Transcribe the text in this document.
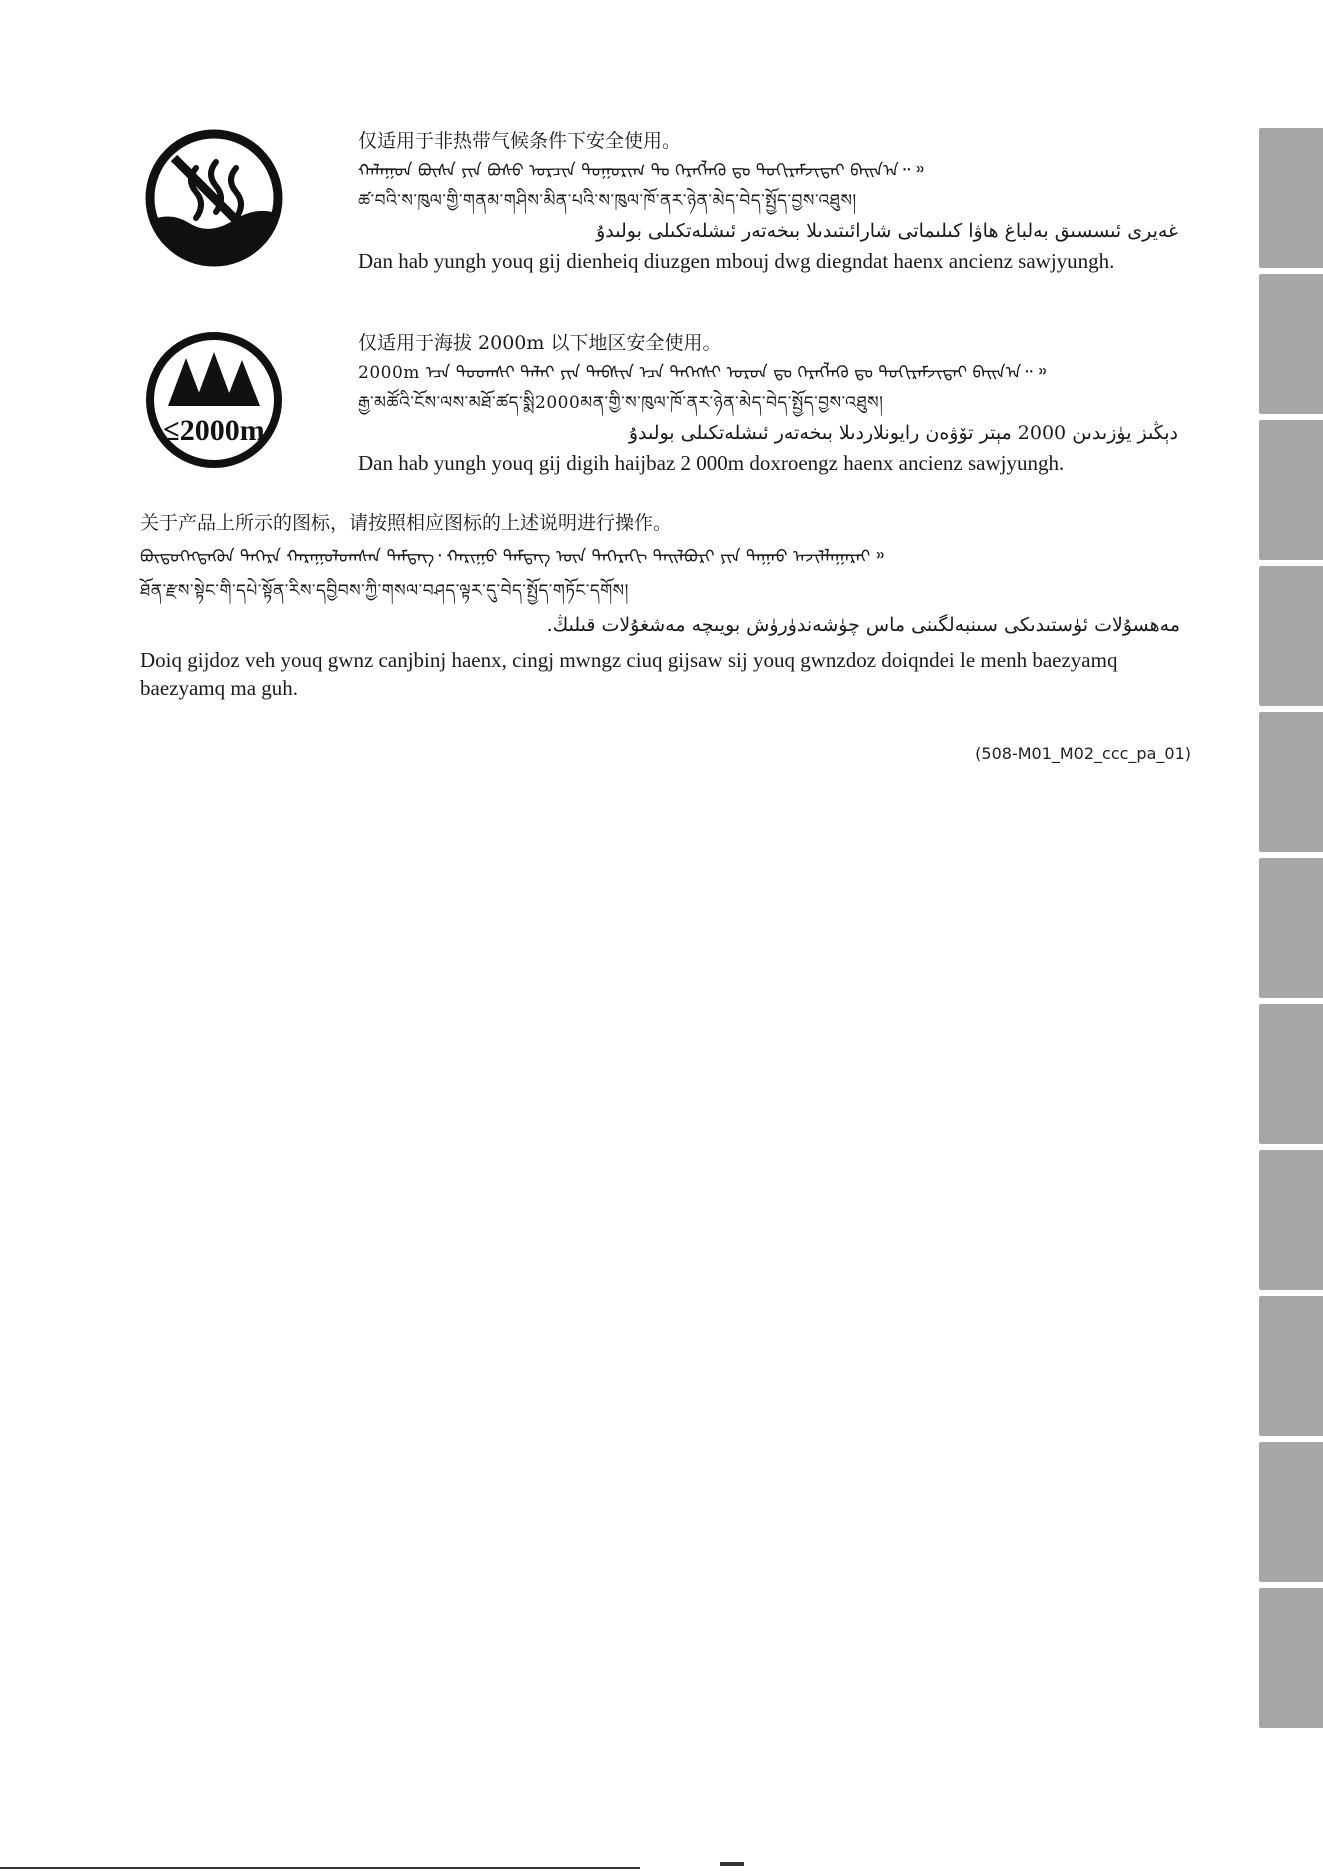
仅适用于非热带气候条件下安全使用。
ᠬᠠᠯᠠᠭᠤᠨ ᠪᠦᠰᠡ ᠶᠢᠨ ᠪᠤᠰᠤ ᠤᠷᠴᠢᠨ ᠲᠣᠭᠣᠷᠢᠭ ᠲᠤ ᠬᠡᠷᠡᠭᠯᠡᠬᠦ ᠳᠤ ᠲᠣᠬᠢᠷᠠᠮᠵᠢᠲᠠᠢ ᠪᠠᠢᠨ᠎ᠠ᠃ ᠉
ཚ་བའི་ས་ཁུལ་གྱི་གནམ་གཤིས་མིན་པའི་ས་ཁུལ་ཁོ་ནར་ཉེན་མེད་བེད་སྤྱོད་བྱས་འཐུས།
غەيرى ئىسسىق بەلباغ ھاۋا كىلىماتى شارائىتىدىلا بىخەتەر ئىشلەتكىلى بولىدۇ
Dan hab yungh youq gij dienheiq diuzgen mbouj dwg diegndat haenx ancienz sawjyungh.
≤2000m
仅适用于海拔 2000m 以下地区安全使用。
2000m ᠡᠴᠡ ᠳᠣᠣᠭᠰᠢ ᠳᠠᠯᠠᠢ ᠶᠢᠨ ᠲᠡᠪᠰᠢᠨ ᠡᠴᠡ ᠳᠡᠭᠡᠭᠰᠢ ᠣᠷᠣᠨ ᠳᠤ ᠬᠡᠷᠡᠭᠯᠡᠬᠦ ᠳᠤ ᠲᠣᠬᠢᠷᠠᠮᠵᠢᠲᠠᠢ ᠪᠠᠢᠨ᠎ᠠ᠃ ᠉
རྒྱ་མཚོའི་ངོས་ལས་མཐོ་ཚད་སྨི2000མན་གྱི་ས་ཁུལ་ཁོ་ནར་ཉེན་མེད་བེད་སྤྱོད་བྱས་འཐུས།
دېڭىز يۈزىدىن 2000 مېتر تۆۋەن رايونلاردىلا بىخەتەر ئىشلەتكىلى بولىدۇ
Dan hab yungh youq gij digih haijbaz 2 000m doxroengz haenx ancienz sawjyungh.
关于产品上所示的图标，请按照相应图标的上述说明进行操作。
ᠪᠦᠲᠦᠭᠡᠭᠳᠡᠬᠦᠨ ᠳᠡᠭᠡᠷᠡ ᠬᠠᠷᠠᠭᠤᠯᠤᠭᠰᠠᠨ ᠲᠡᠮᠳᠡᠭ᠂ ᠬᠠᠷᠢᠭᠤ ᠲᠡᠮᠳᠡᠭ ᠦᠨ ᠳᠡᠭᠡᠷᠡᠬᠢ ᠲᠠᠢᠯᠪᠤᠷᠢ ᠶᠢᠨ ᠳᠠᠭᠠᠤ ᠠᠵᠢᠯᠯᠠᠭᠠᠷᠠᠢ ᠉
ཐོན་རྫས་སྟེང་གི་དཔེ་སྟོན་རིས་དབྱིབས་ཀྱི་གསལ་བཤད་ལྟར་དུ་བེད་སྤྱོད་གཏོང་དགོས།
مەھسۇلات ئۈستىدىكى سىنبەلگىنى ماس چۈشەندۈرۈش بويىچە مەشغۇلات قىلىڭ.
Doiq gijdoz veh youq gwnz canjbinj haenx, cingj mwngz ciuq gijsaw sij youq gwnzdoz doiqndei le menh baezyamq baezyamq ma guh.
(508-M01_M02_ccc_pa_01)
